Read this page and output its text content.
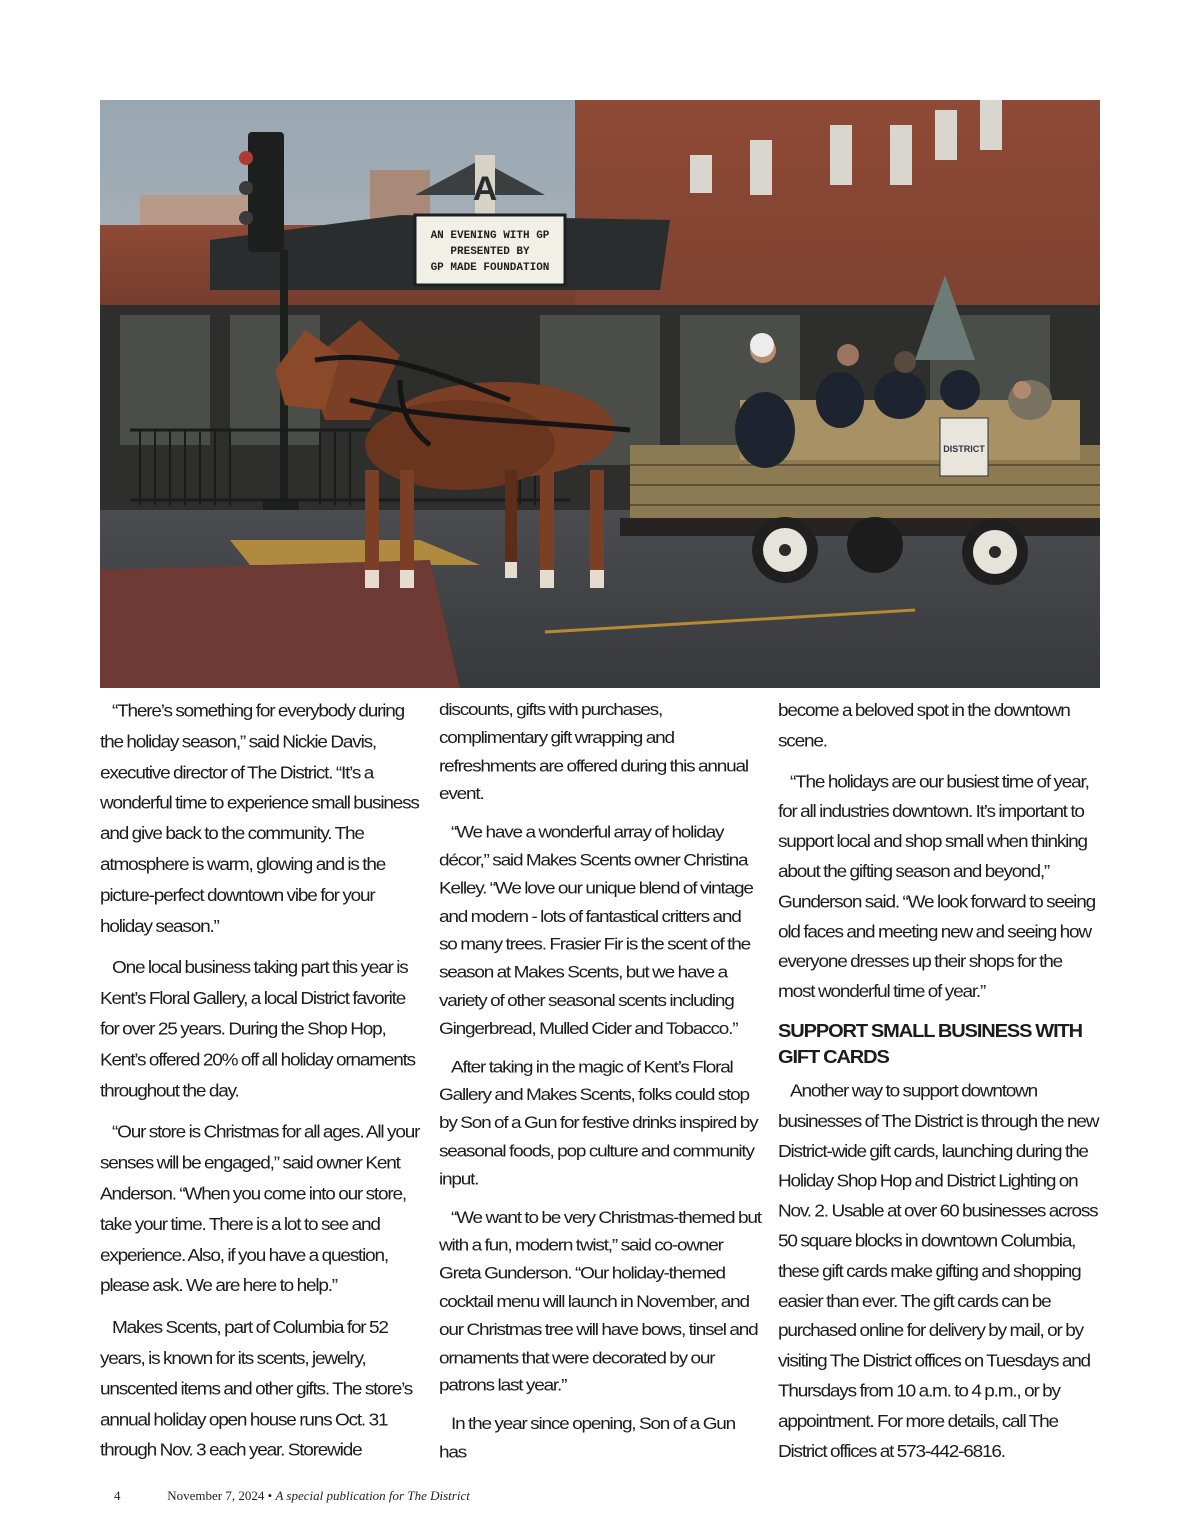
A
AN EVENING WITH GP
PRESENTED BY
GP MADE FOUNDATION
DISTRICT

“There’s something for everybody during the holiday season,” said Nickie Davis, executive director of The District. “It’s a wonderful time to experience small business and give back to the community. The atmosphere is warm, glowing and is the picture-perfect downtown vibe for your holiday season.”

One local business taking part this year is Kent’s Floral Gallery, a local District favorite for over 25 years. During the Shop Hop, Kent’s offered 20% off all holiday ornaments throughout the day.

“Our store is Christmas for all ages. All your senses will be engaged,” said owner Kent Anderson. “When you come into our store, take your time. There is a lot to see and experience. Also, if you have a question, please ask. We are here to help.”

Makes Scents, part of Columbia for 52 years, is known for its scents, jewelry, unscented items and other gifts. The store’s annual holiday open house runs Oct. 31 through Nov. 3 each year. Storewide

discounts, gifts with purchases, complimentary gift wrapping and refreshments are offered during this annual event.

“We have a wonderful array of holiday décor,” said Makes Scents owner Christina Kelley. “We love our unique blend of vintage and modern - lots of fantastical critters and so many trees. Frasier Fir is the scent of the season at Makes Scents, but we have a variety of other seasonal scents including Gingerbread, Mulled Cider and Tobacco.”

After taking in the magic of Kent’s Floral Gallery and Makes Scents, folks could stop by Son of a Gun for festive drinks inspired by seasonal foods, pop culture and community input.

“We want to be very Christmas-themed but with a fun, modern twist,” said co-owner Greta Gunderson. “Our holiday-themed cocktail menu will launch in November, and our Christmas tree will have bows, tinsel and ornaments that were decorated by our patrons last year.”

In the year since opening, Son of a Gun has

become a beloved spot in the downtown scene.

“The holidays are our busiest time of year, for all industries downtown. It’s important to support local and shop small when thinking about the gifting season and beyond,” Gunderson said. “We look forward to seeing old faces and meeting new and seeing how everyone dresses up their shops for the most wonderful time of year.”

SUPPORT SMALL BUSINESS WITH GIFT CARDS

Another way to support downtown businesses of The District is through the new District-wide gift cards, launching during the Holiday Shop Hop and District Lighting on Nov. 2. Usable at over 60 businesses across 50 square blocks in downtown Columbia, these gift cards make gifting and shopping easier than ever. The gift cards can be purchased online for delivery by mail, or by visiting The District offices on Tuesdays and Thursdays from 10 a.m. to 4 p.m., or by appointment. For more details, call The District offices at 573-442-6816.

4	November 7, 2024 • A special publication for The District
